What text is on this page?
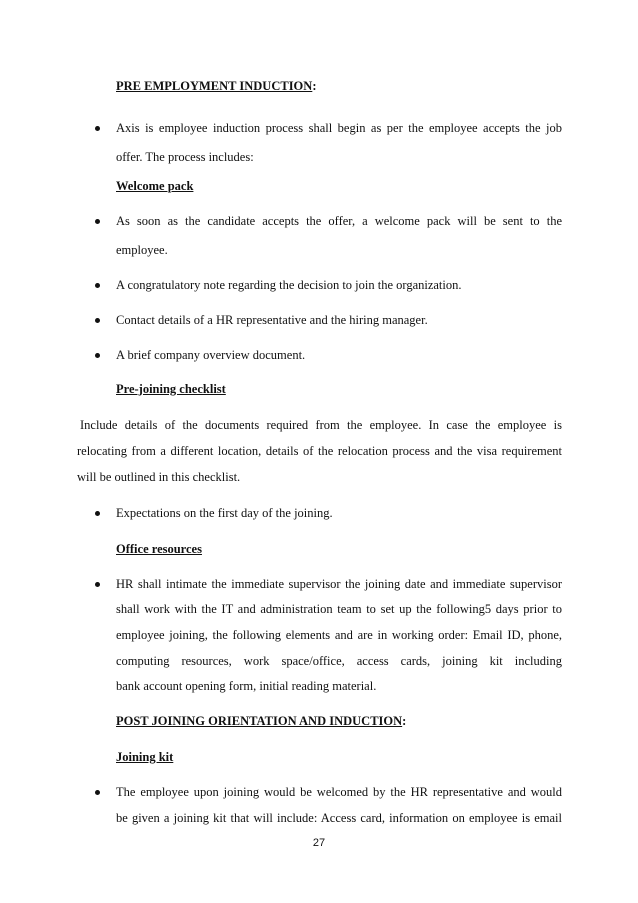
PRE EMPLOYMENT INDUCTION:
Axis is employee induction process shall begin as per the employee accepts the job
offer. The process includes:
Welcome pack
As soon as the candidate accepts the offer, a welcome pack will be sent to the
employee.
A congratulatory note regarding the decision to join the organization.
Contact details of a HR representative and the hiring manager.
A brief company overview document.
Pre-joining checklist
Include details of the documents required from the employee. In case the employee is
relocating from a different location, details of the relocation process and the visa requirement
will be outlined in this checklist.
Expectations on the first day of the joining.
Office resources
HR shall intimate the immediate supervisor the joining date and immediate supervisor
shall work with the IT and administration team to set up the following5 days prior to
employee joining, the following elements and are in working order: Email ID, phone,
computing resources, work space/office, access cards, joining kit including
bank account opening form, initial reading material.
POST JOINING ORIENTATION AND INDUCTION:
Joining kit
The employee upon joining would be welcomed by the HR representative and would
be given a joining kit that will include: Access card, information on employee is email
27
